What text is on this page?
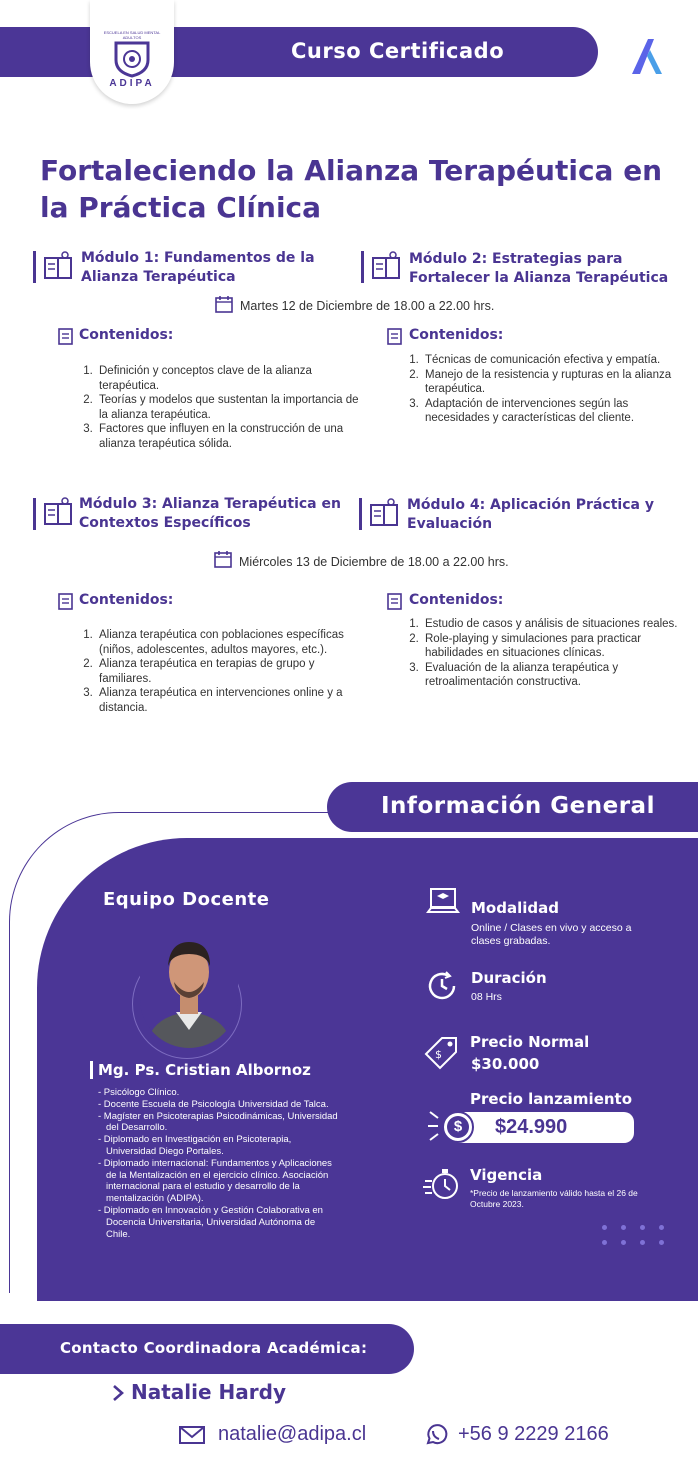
Curso Certificado
ESCUELA EN SALUD MENTAL ADULTOS
ADIPA
Fortaleciendo la Alianza Terapéutica en la Práctica Clínica
Módulo 1: Fundamentos de la Alianza Terapéutica
Módulo 2: Estrategias para Fortalecer la Alianza Terapéutica
Martes 12 de Diciembre de 18.00 a 22.00 hrs.
Contenidos:
1. Definición y conceptos clave de la alianza terapéutica.
2. Teorías y modelos que sustentan la importancia de la alianza terapéutica.
3. Factores que influyen en la construcción de una alianza terapéutica sólida.
Contenidos:
1. Técnicas de comunicación efectiva y empatía.
2. Manejo de la resistencia y rupturas en la alianza terapéutica.
3. Adaptación de intervenciones según las necesidades y características del cliente.
Módulo 3: Alianza Terapéutica en Contextos Específicos
Módulo 4: Aplicación Práctica y Evaluación
Miércoles 13 de Diciembre de 18.00 a 22.00 hrs.
Contenidos:
1. Alianza terapéutica con poblaciones específicas (niños, adolescentes, adultos mayores, etc.).
2. Alianza terapéutica en terapias de grupo y familiares.
3. Alianza terapéutica en intervenciones online y a distancia.
Contenidos:
1. Estudio de casos y análisis de situaciones reales.
2. Role-playing y simulaciones para practicar habilidades en situaciones clínicas.
3. Evaluación de la alianza terapéutica y retroalimentación constructiva.
Información General
Equipo Docente
Mg. Ps. Cristian Albornoz
- Psicólogo Clínico.
- Docente Escuela de Psicología Universidad de Talca.
- Magíster en Psicoterapias Psicodinámicas, Universidad del Desarrollo.
- Diplomado en Investigación en Psicoterapia, Universidad Diego Portales.
- Diplomado internacional: Fundamentos y Aplicaciones de la Mentalización en el ejercicio clínico. Asociación internacional para el estudio y desarrollo de la mentalización (ADIPA).
- Diplomado en Innovación y Gestión Colaborativa en Docencia Universitaria, Universidad Autónoma de Chile.
Modalidad
Online / Clases en vivo y acceso a clases grabadas.
Duración
08 Hrs
$
Precio Normal
$30.000
Precio lanzamiento
$24.990
$
Vigencia
*Precio de lanzamiento válido hasta el 26 de Octubre 2023.
Contacto Coordinadora Académica:
Natalie Hardy
natalie@adipa.cl	+56 9 2229 2166
